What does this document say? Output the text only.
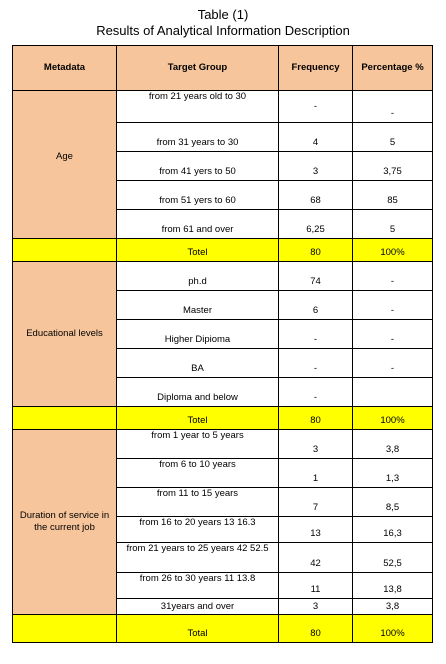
Table (1)
Results of Analytical Information Description
Metadata	Target Group	Frequency	Percentage %

Age	from 21 years old to 30	-	-
	from 31 years to 30	4	5
	from 41 yers to 50	3	3,75
	from 51 yers to 60	68	85
	from 61 and over	6,25	5
	Totel	80	100%
Educational levels	ph.d	74	-
	Master	6	-
	Higher Dipioma	-	-
	BA	-	-
	Diploma and below	-	
	Totel	80	100%
Duration of service in the current job	from 1 year to 5 years	3	3,8
	from 6 to 10 years	1	1,3
	from 11 to 15 years	7	8,5
	from 16 to 20 years 13 16.3	13	16,3
	from 21 years to 25 years 42 52.5	42	52,5
	from 26 to 30 years 11 13.8	11	13,8
	31years and over	3	3,8
	Total	80	100%
